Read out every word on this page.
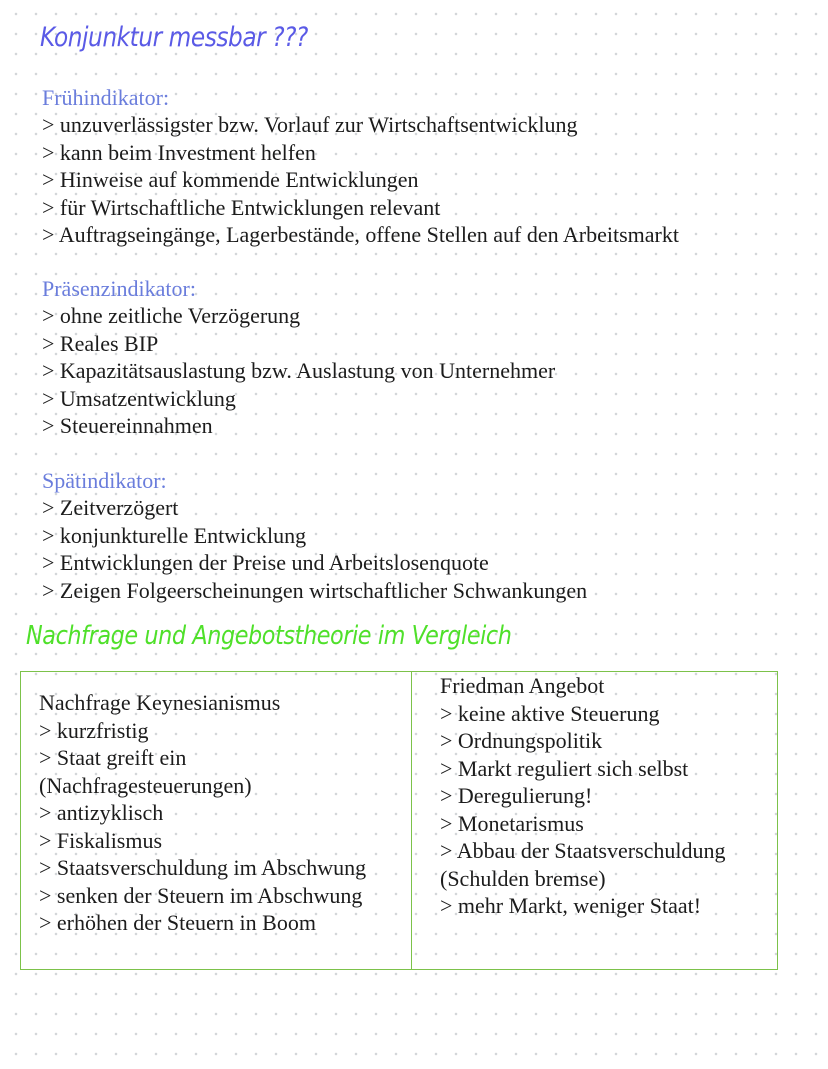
Konjunktur messbar ???
Frühindikator:
> unzuverlässigster bzw. Vorlauf zur Wirtschaftsentwicklung
> kann beim Investment helfen
> Hinweise auf kommende Entwicklungen
> für Wirtschaftliche Entwicklungen relevant
> Auftragseingänge, Lagerbestände, offene Stellen auf den Arbeitsmarkt
Präsenzindikator:
> ohne zeitliche Verzögerung
> Reales BIP
> Kapazitätsauslastung bzw. Auslastung von Unternehmer
> Umsatzentwicklung
> Steuereinnahmen
Spätindikator:
> Zeitverzögert
> konjunkturelle Entwicklung
> Entwicklungen der Preise und Arbeitslosenquote
> Zeigen Folgeerscheinungen wirtschaftlicher Schwankungen
Nachfrage und Angebotstheorie im Vergleich
Nachfrage Keynesianismus
> kurzfristig
> Staat greift ein
(Nachfragesteuerungen)
> antizyklisch
> Fiskalismus
> Staatsverschuldung im Abschwung
> senken der Steuern im Abschwung
> erhöhen der Steuern in Boom
Friedman Angebot
> keine aktive Steuerung
> Ordnungspolitik
> Markt reguliert sich selbst
> Deregulierung!
> Monetarismus
> Abbau der Staatsverschuldung
(Schulden bremse)
> mehr Markt, weniger Staat!
